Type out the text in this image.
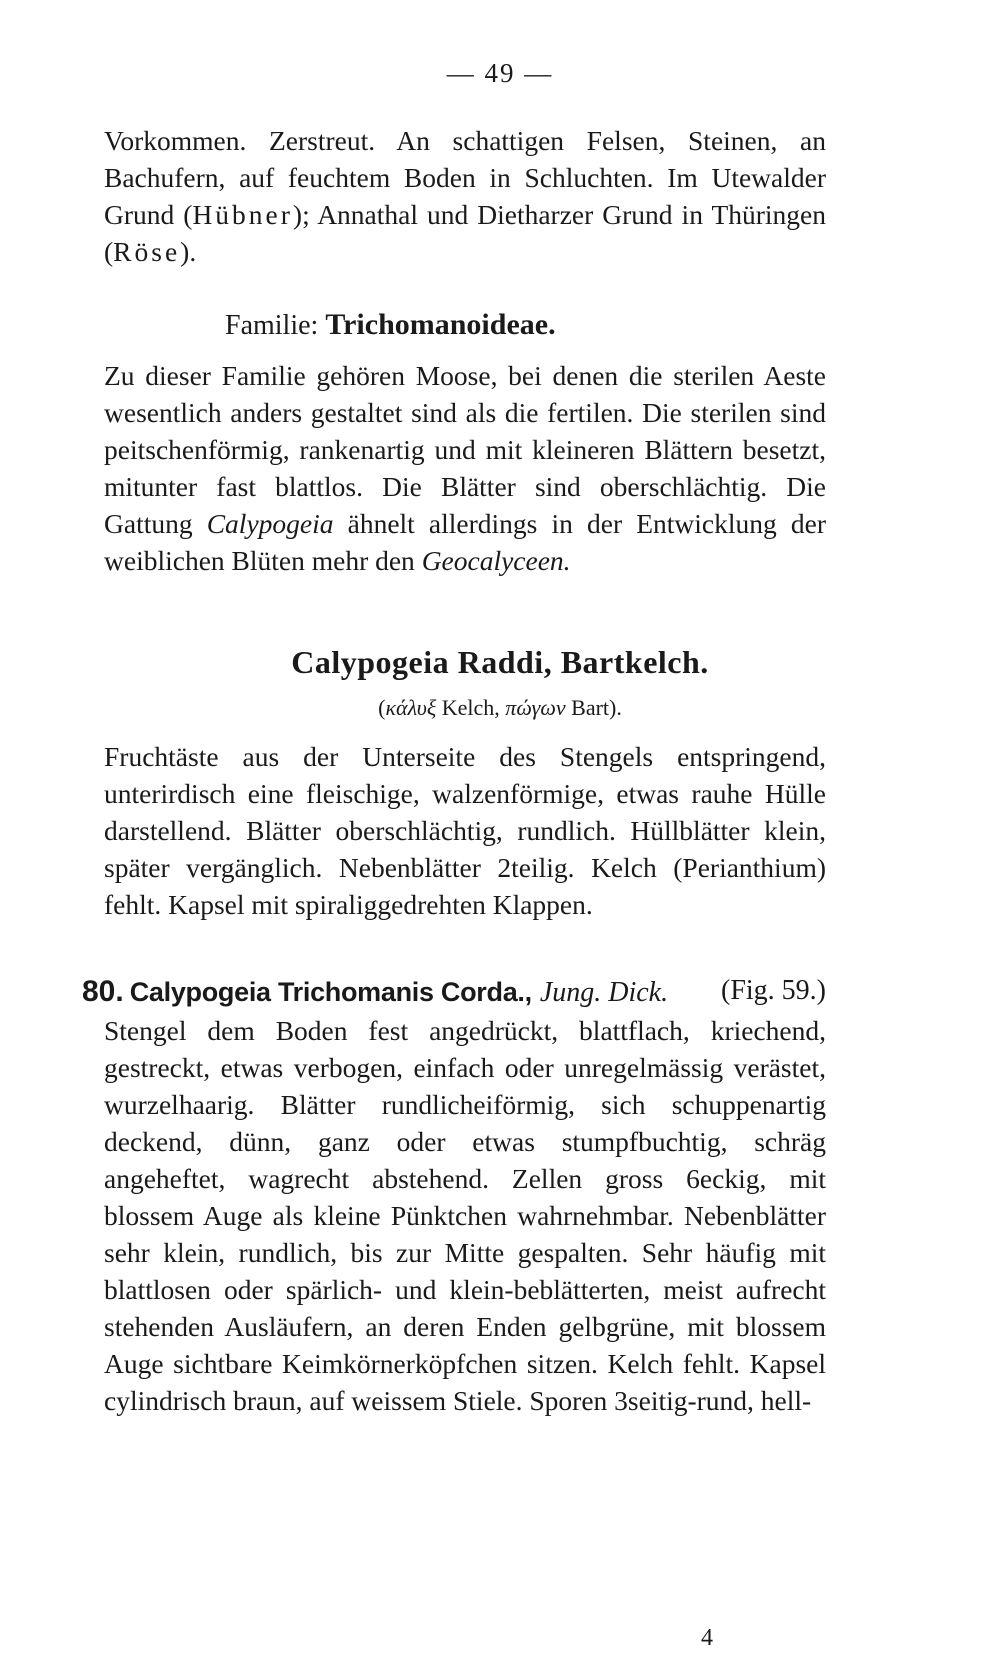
— 49 —

Vorkommen. Zerstreut. An schattigen Felsen, Steinen, an Bachufern, auf feuchtem Boden in Schluchten. Im Utewalder Grund (Hübner); Annathal und Dietharzer Grund in Thüringen (Röse).

Familie: Trichomanoideae.

Zu dieser Familie gehören Moose, bei denen die sterilen Aeste wesentlich anders gestaltet sind als die fertilen. Die sterilen sind peitschenförmig, rankenartig und mit kleineren Blättern besetzt, mitunter fast blattlos. Die Blätter sind oberschlächtig. Die Gattung Calypogeia ähnelt allerdings in der Entwicklung der weiblichen Blüten mehr den Geocalyceen.

Calypogeia Raddi, Bartkelch.
(κάλυξ Kelch, πώγων Bart).

Fruchtäste aus der Unterseite des Stengels entspringend, unterirdisch eine fleischige, walzenförmige, etwas rauhe Hülle darstellend. Blätter oberschlächtig, rundlich. Hüllblätter klein, später vergänglich. Nebenblätter 2teilig. Kelch (Perianthium) fehlt. Kapsel mit spiraliggedrehten Klappen.

80. Calypogeia Trichomanis Corda., Jung. Dick. (Fig. 59.)

Stengel dem Boden fest angedrückt, blattflach, kriechend, gestreckt, etwas verbogen, einfach oder unregelmässig verästet, wurzelhaarig. Blätter rundlicheiförmig, sich schuppenartig deckend, dünn, ganz oder etwas stumpfbuchtig, schräg angeheftet, wagrecht abstehend. Zellen gross 6eckig, mit blossem Auge als kleine Pünktchen wahrnehmbar. Nebenblätter sehr klein, rundlich, bis zur Mitte gespalten. Sehr häufig mit blattlosen oder spärlich- und klein-beblätterten, meist aufrecht stehenden Ausläufern, an deren Enden gelbgrüne, mit blossem Auge sichtbare Keimkörnerköpfchen sitzen. Kelch fehlt. Kapsel cylindrisch braun, auf weissem Stiele. Sporen 3seitig-rund, hell-

4
